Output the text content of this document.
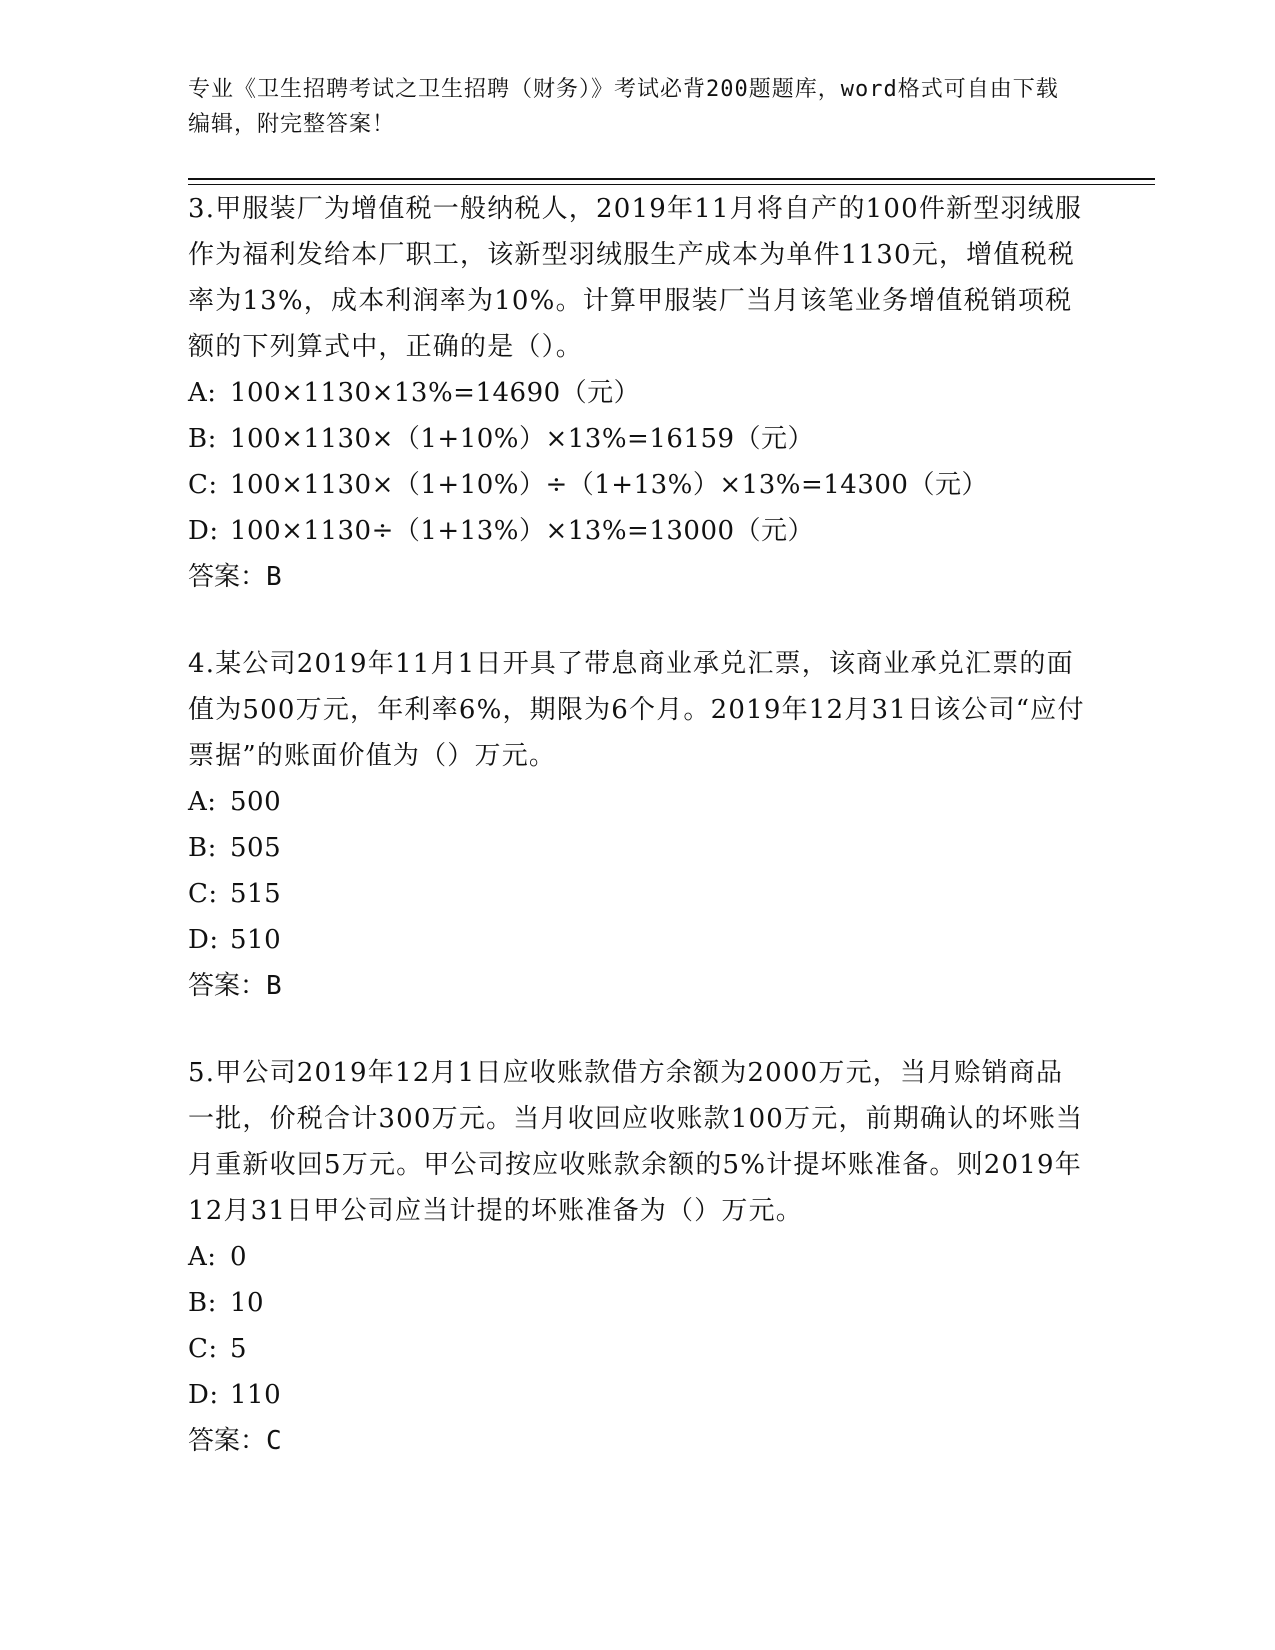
专业《卫生招聘考试之卫生招聘（财务）》考试必背200题题库，word格式可自由下载编辑，附完整答案！

3.甲服装厂为增值税一般纳税人，2019年11月将自产的100件新型羽绒服作为福利发给本厂职工，该新型羽绒服生产成本为单件1130元，增值税税率为13%，成本利润率为10%。计算甲服装厂当月该笔业务增值税销项税额的下列算式中，正确的是（）。

A: 100×1130×13%=14690（元）
B: 100×1130×（1+10%）×13%=16159（元）
C: 100×1130×（1+10%）÷（1+13%）×13%=14300（元）
D: 100×1130÷（1+13%）×13%=13000（元）
答案：B

4.某公司2019年11月1日开具了带息商业承兑汇票，该商业承兑汇票的面值为500万元，年利率6%，期限为6个月。2019年12月31日该公司“应付票据”的账面价值为（）万元。

A: 500
B: 505
C: 515
D: 510
答案：B

5.甲公司2019年12月1日应收账款借方余额为2000万元，当月赊销商品一批，价税合计300万元。当月收回应收账款100万元，前期确认的坏账当月重新收回5万元。甲公司按应收账款余额的5%计提坏账准备。则2019年12月31日甲公司应当计提的坏账准备为（）万元。

A: 0
B: 10
C: 5
D: 110
答案：C
